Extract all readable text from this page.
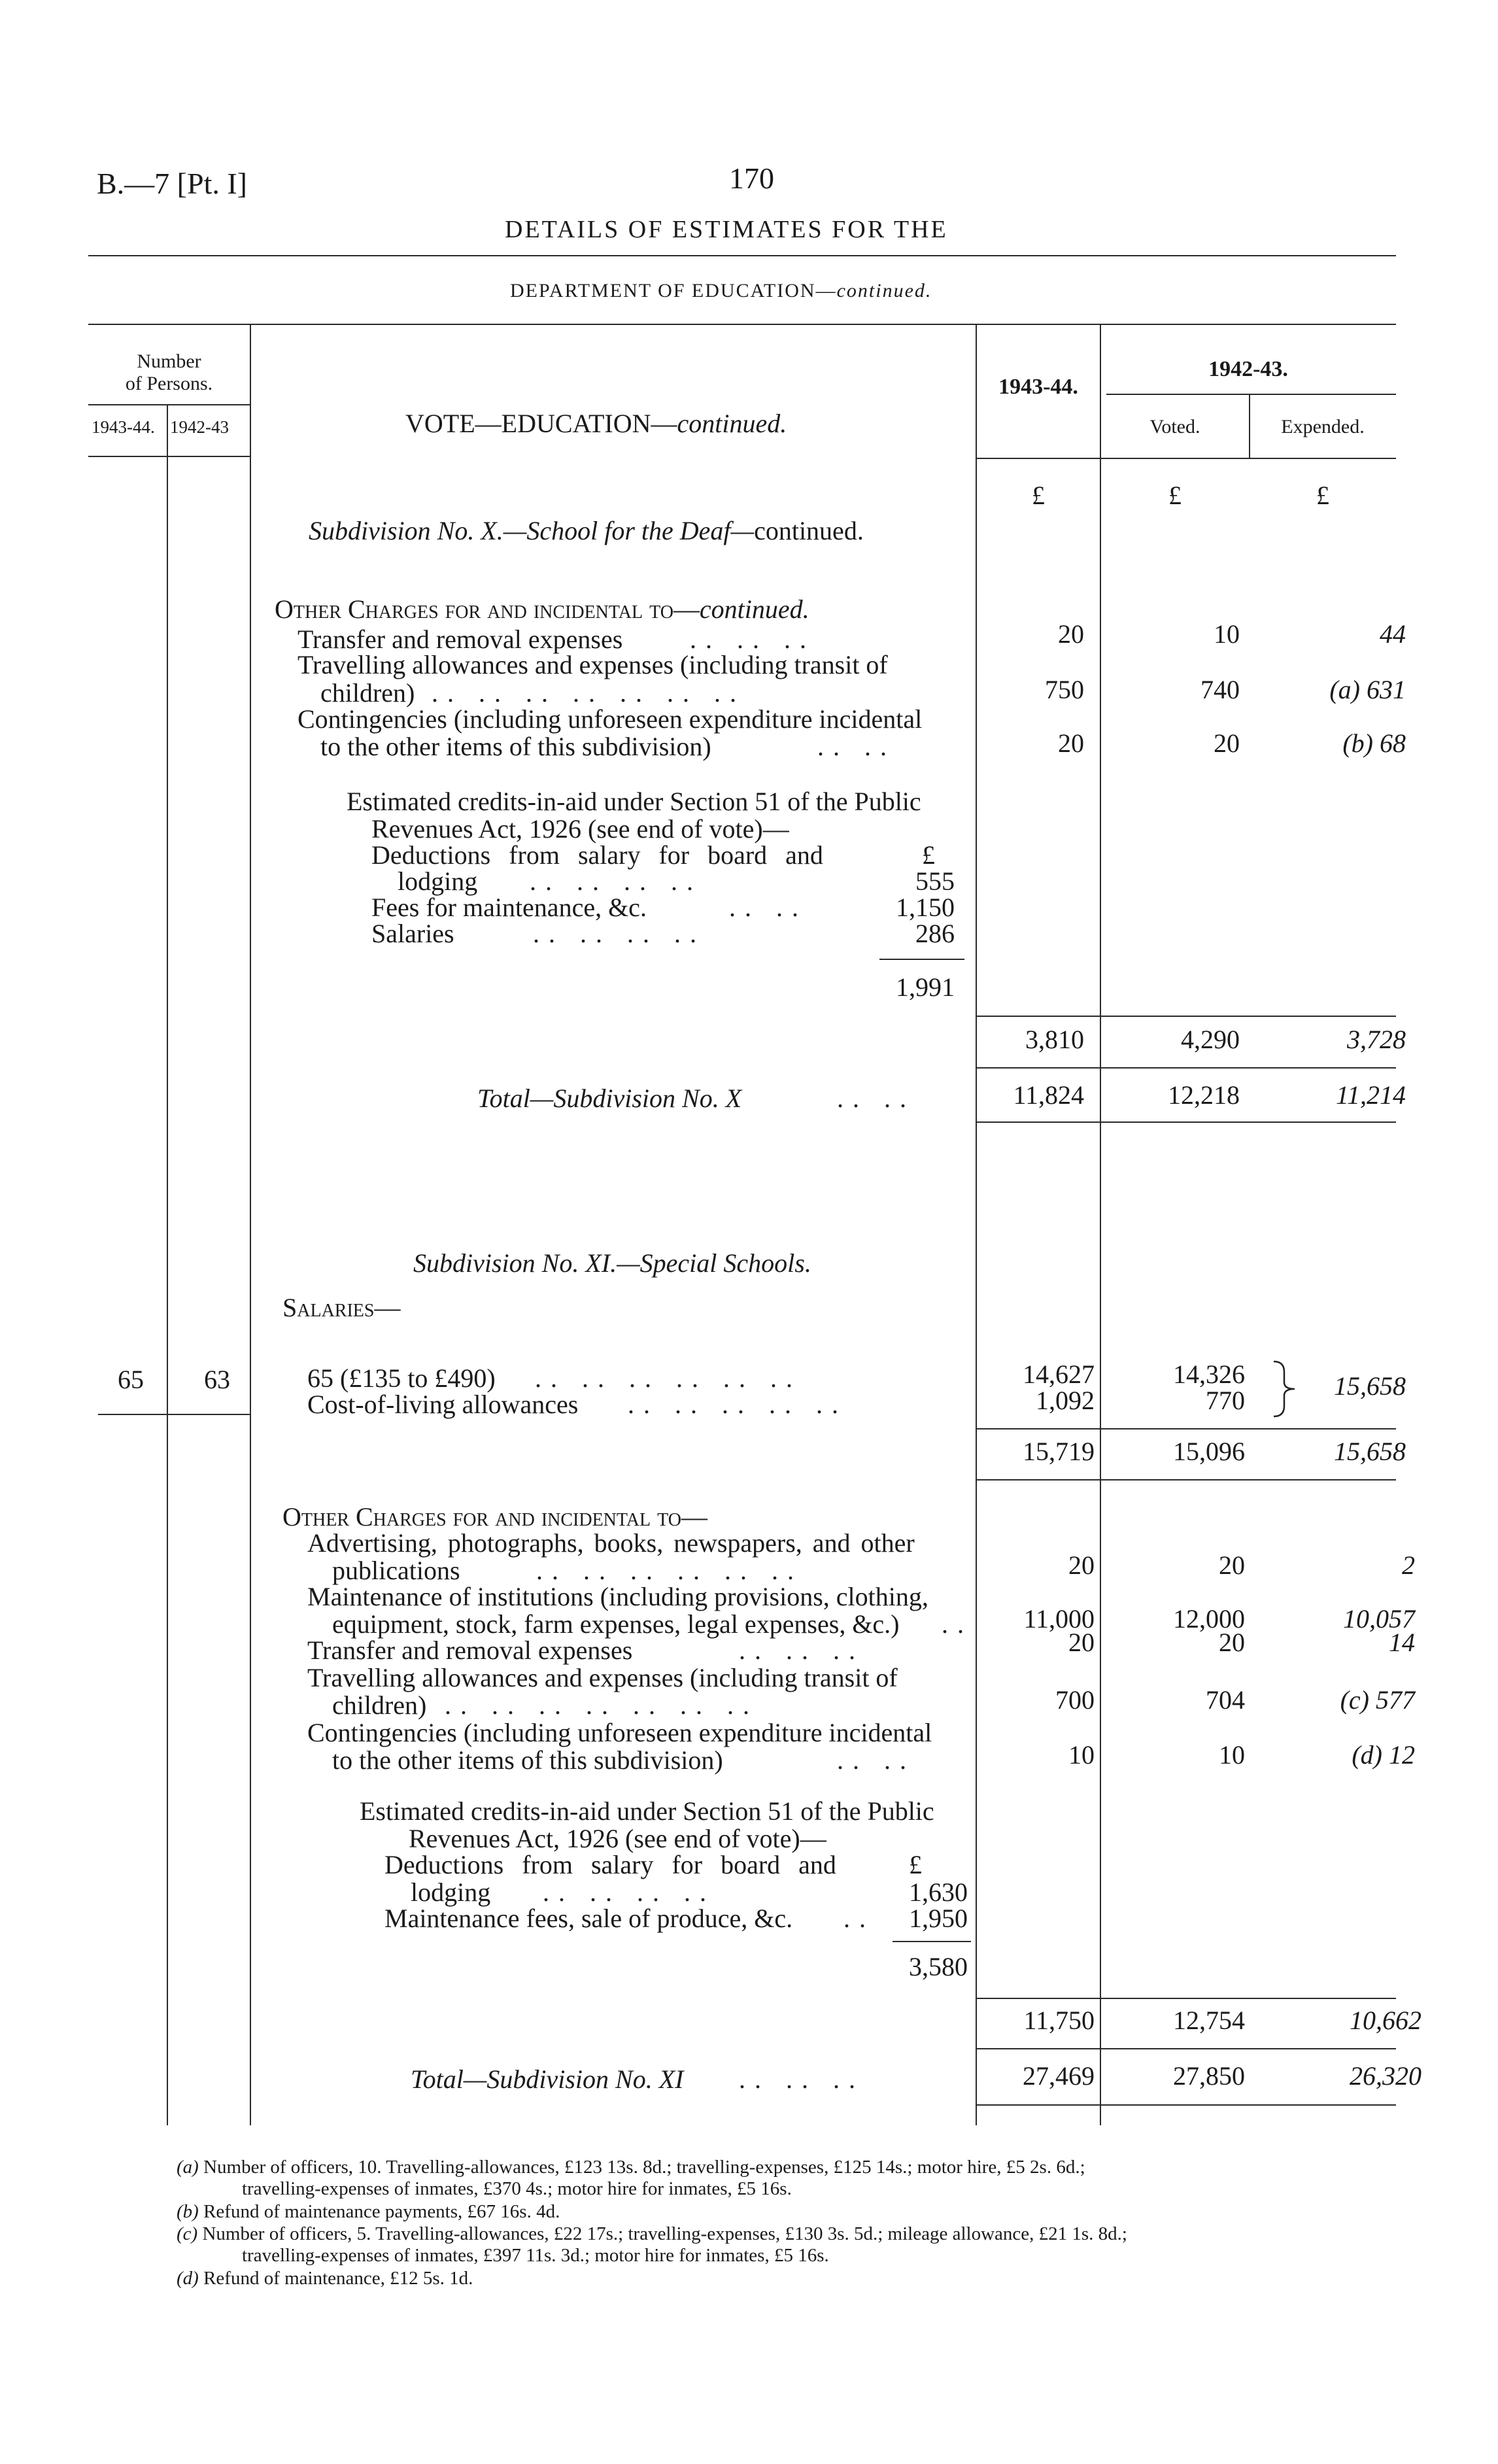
B.—7 [Pt. I]	170
DETAILS OF ESTIMATES FOR THE
DEPARTMENT OF EDUCATION—continued.
Number
of Persons.
1943-44. 1942-43	VOTE—EDUCATION—continued.
1943-44.
1942-43.
Voted.	Expended.
£	£	£
Subdivision No. X.—School for the Deaf—continued.
Other Charges for and incidental to—continued.
Transfer and removal expenses	.. .. ..	20	10	44
Travelling allowances and expenses (including transit of
children) .. .. .. .. .. .. ..	750	740	(a) 631
Contingencies (including unforeseen expenditure incidental
to the other items of this subdivision)	.. ..	20	20	(b) 68
Estimated credits-in-aid under Section 51 of the Public
Revenues Act, 1926 (see end of vote)—
Deductions from salary for board and	£
lodging .. .. .. ..	555
Fees for maintenance, &c.	.. ..	1,150
Salaries	.. .. .. ..	286
1,991
3,810	4,290	3,728
Total—Subdivision No. X	.. ..	11,824	12,218	11,214
Subdivision No. XI.—Special Schools.
Salaries—
65	63	65 (£135 to £490) .. .. .. .. .. ..	14,627	14,326
Cost-of-living allowances .. .. .. .. ..	1,092	770	15,658
15,719	15,096	15,658
Other Charges for and incidental to—
Advertising, photographs, books, newspapers, and other
publications	.. .. .. .. .. ..	20	20	2
Maintenance of institutions (including provisions, clothing,
equipment, stock, farm expenses, legal expenses, &c.) ..	11,000	12,000	10,057
Transfer and removal expenses	.. .. ..	20	20	14
Travelling allowances and expenses (including transit of
children) .. .. .. .. .. .. ..	700	704	(c) 577
Contingencies (including unforeseen expenditure incidental
to the other items of this subdivision)	.. ..	10	10	(d) 12
Estimated credits-in-aid under Section 51 of the Public
Revenues Act, 1926 (see end of vote)—
Deductions from salary for board and	£
lodging .. .. .. ..	1,630
Maintenance fees, sale of produce, &c. ..	1,950
3,580
11,750	12,754	10,662
Total—Subdivision No. XI .. .. ..	27,469	27,850	26,320
(a) Number of officers, 10. Travelling-allowances, £123 13s. 8d.; travelling-expenses, £125 14s.; motor hire, £5 2s. 6d.;
travelling-expenses of inmates, £370 4s.; motor hire for inmates, £5 16s.
(b) Refund of maintenance payments, £67 16s. 4d.
(c) Number of officers, 5. Travelling-allowances, £22 17s.; travelling-expenses, £130 3s. 5d.; mileage allowance, £21 1s. 8d.;
travelling-expenses of inmates, £397 11s. 3d.; motor hire for inmates, £5 16s.
(d) Refund of maintenance, £12 5s. 1d.
